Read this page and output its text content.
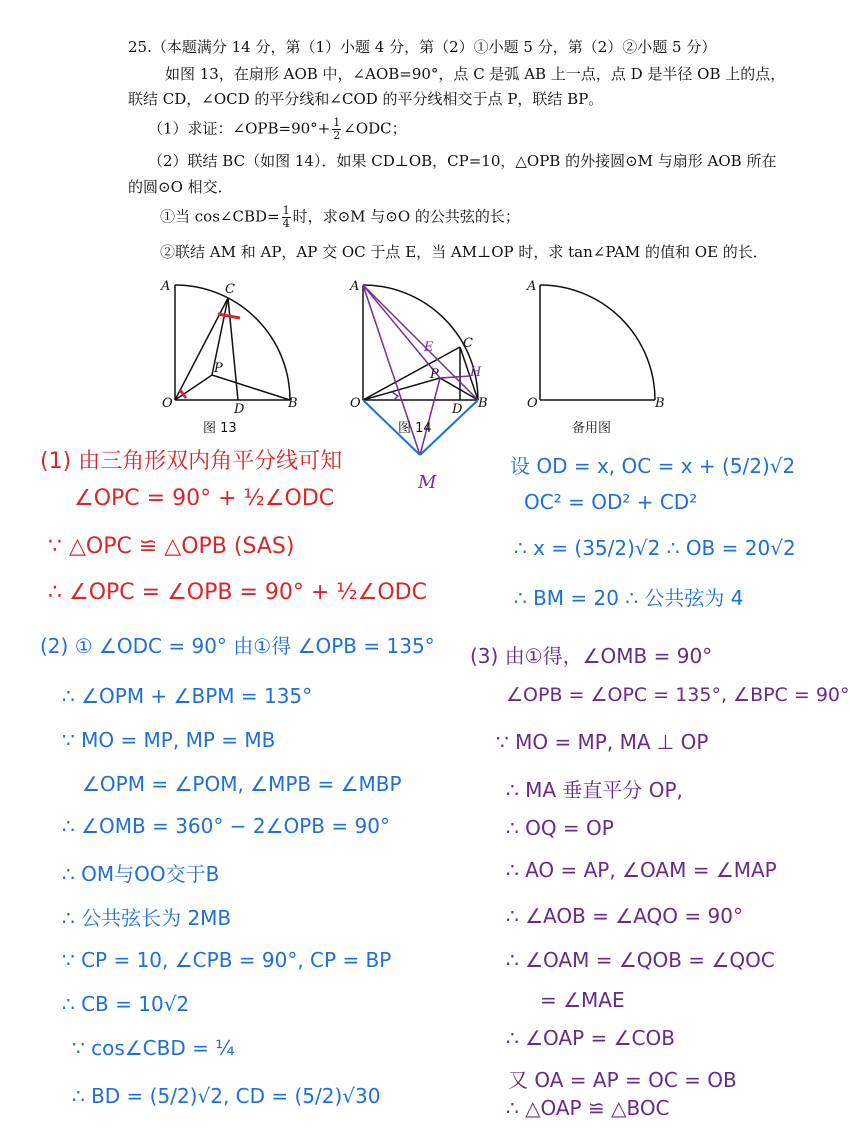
25.（本题满分 14 分，第（1）小题 4 分，第（2）①小题 5 分，第（2）②小题 5 分）
如图 13，在扇形 AOB 中，∠AOB=90°，点 C 是弧 AB 上一点，点 D 是半径 OB 上的点，
联结 CD，∠OCD 的平分线和∠COD 的平分线相交于点 P，联结 BP。
（1）求证：∠OPB=90°+ $\frac{1}{2}$ ∠ODC；
（2）联结 BC（如图 14）．如果 CD⊥OB，CP=10，△OPB 的外接圆⊙M 与扇形 AOB 所在
的圆⊙O 相交．
①当 cos∠CBD= $\frac{1}{4}$ 时，求⊙M 与⊙O 的公共弦的长；
②联结 AM 和 AP，AP 交 OC 于点 E，当 AM⊥OP 时，求 tan∠PAM 的值和 OE 的长．
A	C
P
O	D	B
A
C
E
P H
O	D B
M
A
O	B
图 13	图 14	备用图
(1) 由三角形双内角平分线可知
∠OPC = 90° + ½∠ODC
∵ △OPC ≌ △OPB (SAS)
∴ ∠OPC = ∠OPB = 90° + ½∠ODC
(2) ① ∠ODC = 90° 由①得 ∠OPB = 135°
∴ ∠OPM + ∠BPM = 135°
∵ MO = MP, MP = MB
∠OPM = ∠POM, ∠MPB = ∠MBP
∴ ∠OMB = 360° − 2∠OPB = 90°
∴ OM与OO交于B
∴ 公共弦长为 2MB
∵ CP = 10, ∠CPB = 90°, CP = BP
∴ CB = 10√2
∵ cos∠CBD = ¼
∴ BD = (5/2)√2, CD = (5/2)√30
设 OD = x, OC = x + (5/2)√2
OC² = OD² + CD²
∴ x = (35/2)√2 ∴ OB = 20√2
∴ BM = 20 ∴ 公共弦为 4
(3) 由①得，∠OMB = 90°
∠OPB = ∠OPC = 135°, ∠BPC = 90°
∵ MO = MP, MA ⊥ OP
∴ MA 垂直平分 OP,
∴ OQ = OP
∴ AO = AP, ∠OAM = ∠MAP
∴ ∠AOB = ∠AQO = 90°
∴ ∠OAM = ∠QOB = ∠QOC
= ∠MAE
∴ ∠OAP = ∠COB
又 OA = AP = OC = OB
∴ △OAP ≌ △BOC
